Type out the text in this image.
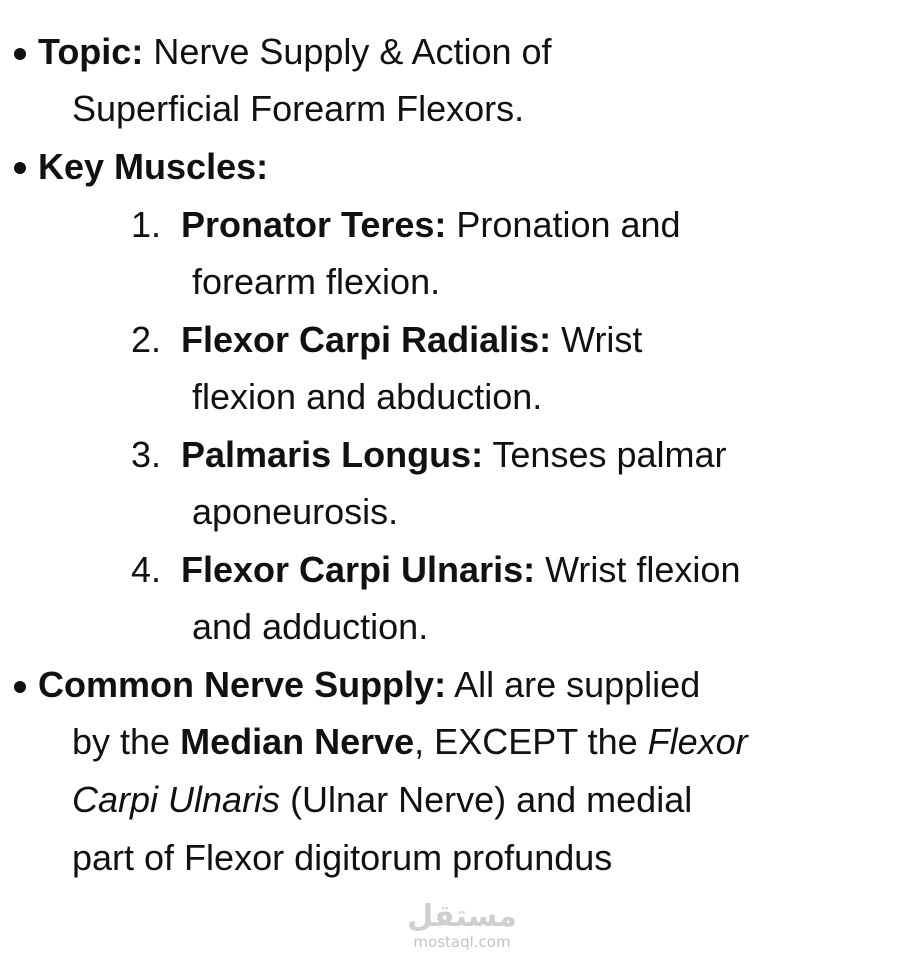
Topic: Nerve Supply & Action of
Superficial Forearm Flexors.
Key Muscles:
1. Pronator Teres: Pronation and
forearm flexion.
2. Flexor Carpi Radialis: Wrist
flexion and abduction.
3. Palmaris Longus: Tenses palmar
aponeurosis.
4. Flexor Carpi Ulnaris: Wrist flexion
and adduction.
Common Nerve Supply: All are supplied
by the Median Nerve, EXCEPT the Flexor
Carpi Ulnaris (Ulnar Nerve) and medial
part of Flexor digitorum profundus
مستقل
mostaql.com
